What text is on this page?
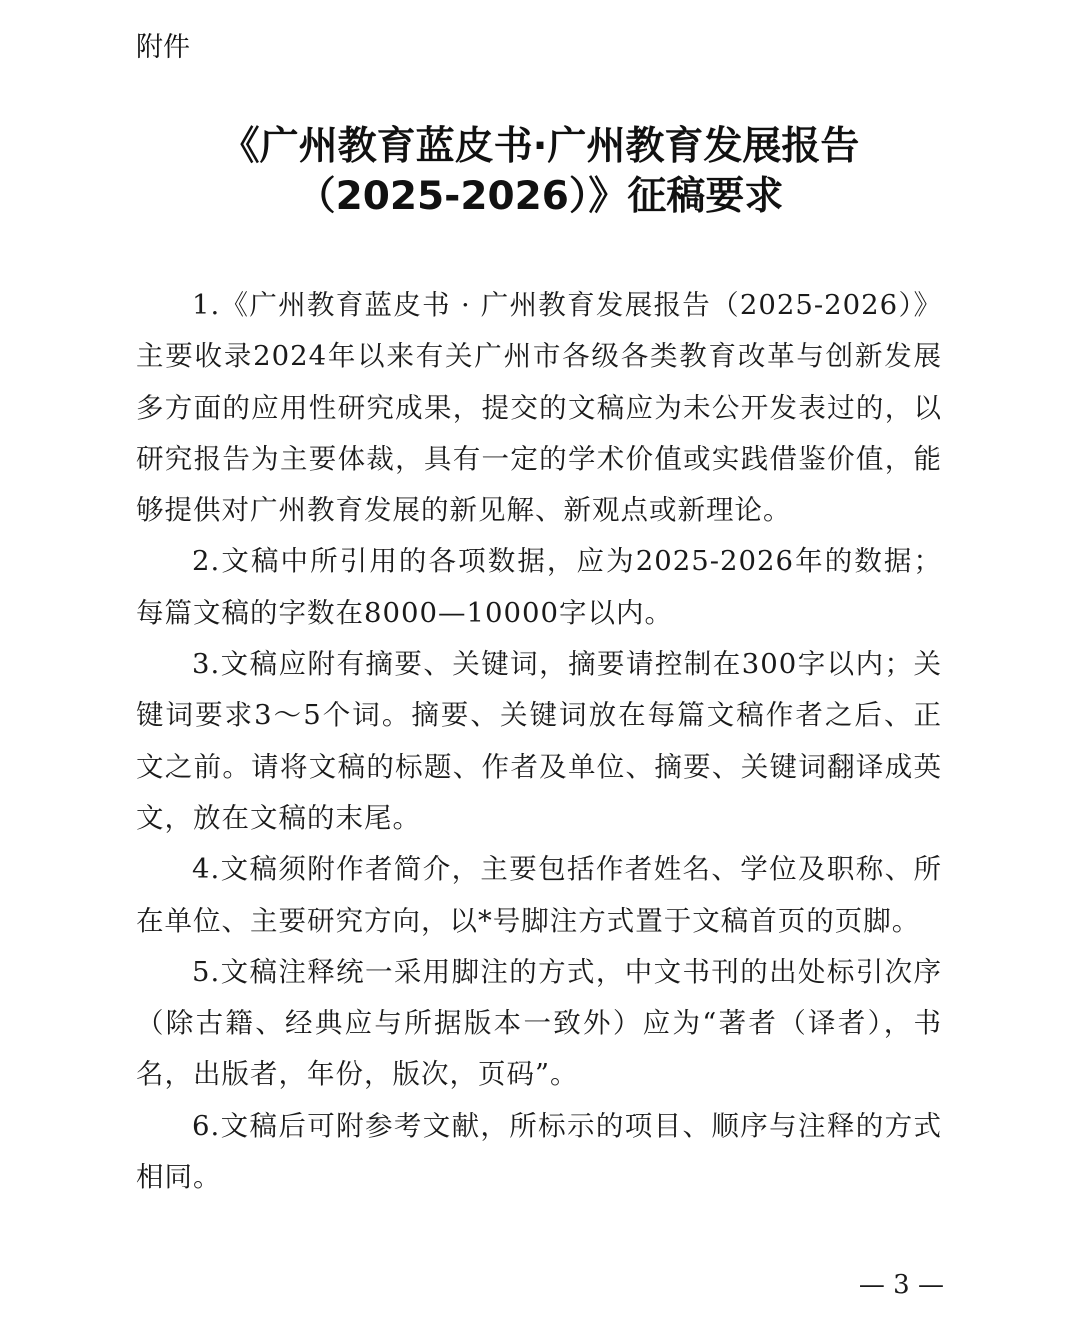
附件
《广州教育蓝皮书·广州教育发展报告
（2025-2026）》征稿要求

1.《广州教育蓝皮书 · 广州教育发展报告（2025-2026）》主要收录2024年以来有关广州市各级各类教育改革与创新发展多方面的应用性研究成果，提交的文稿应为未公开发表过的，以研究报告为主要体裁，具有一定的学术价值或实践借鉴价值，能够提供对广州教育发展的新见解、新观点或新理论。

2.文稿中所引用的各项数据，应为2025-2026年的数据；每篇文稿的字数在8000—10000字以内。

3.文稿应附有摘要、关键词，摘要请控制在300字以内；关键词要求3～5个词。摘要、关键词放在每篇文稿作者之后、正文之前。请将文稿的标题、作者及单位、摘要、关键词翻译成英文，放在文稿的末尾。

4.文稿须附作者简介，主要包括作者姓名、学位及职称、所在单位、主要研究方向，以*号脚注方式置于文稿首页的页脚。

5.文稿注释统一采用脚注的方式，中文书刊的出处标引次序（除古籍、经典应与所据版本一致外）应为“著者（译者），书名，出版者，年份，版次，页码”。

6.文稿后可附参考文献，所标示的项目、顺序与注释的方式相同。

— 3 —
